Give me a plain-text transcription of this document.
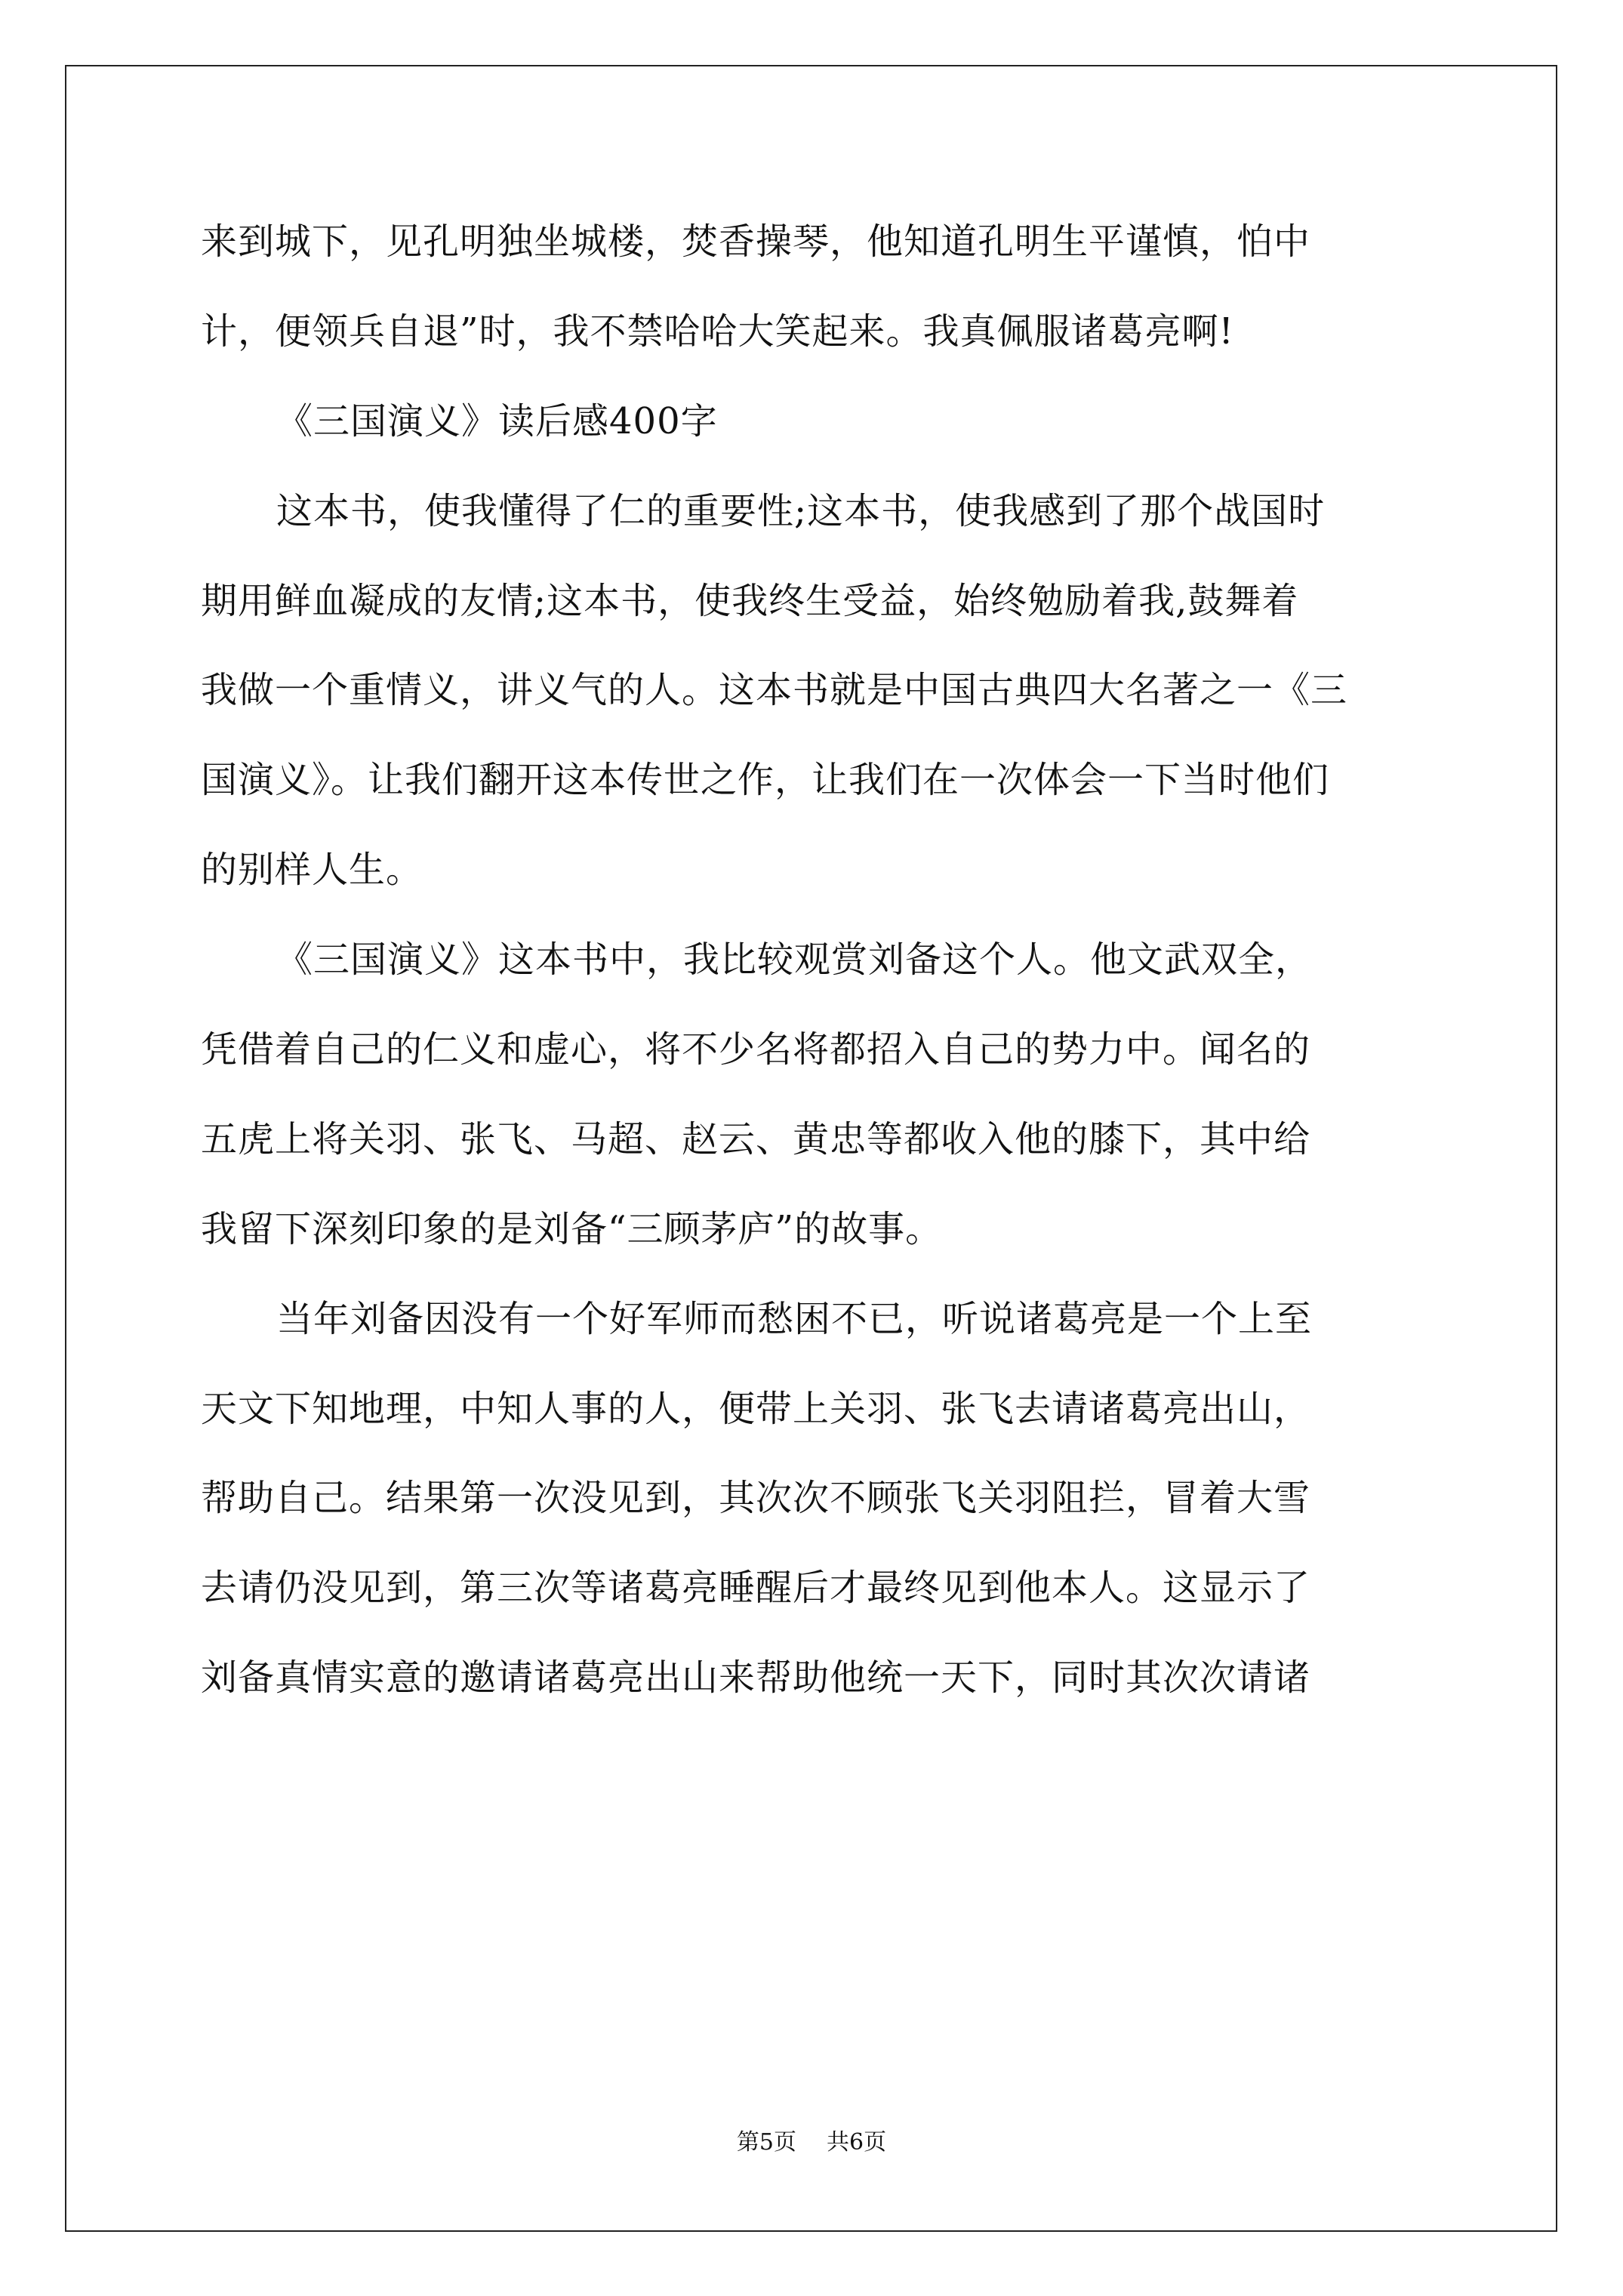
来到城下，见孔明独坐城楼，焚香操琴，他知道孔明生平谨慎，怕中

计，便领兵自退”时，我不禁哈哈大笑起来。我真佩服诸葛亮啊!

《三国演义》读后感400字

这本书，使我懂得了仁的重要性;这本书，使我感到了那个战国时

期用鲜血凝成的友情;这本书，使我终生受益，始终勉励着我,鼓舞着

我做一个重情义，讲义气的人。这本书就是中国古典四大名著之一《三

国演义》。让我们翻开这本传世之作，让我们在一次体会一下当时他们

的别样人生。

《三国演义》这本书中，我比较观赏刘备这个人。他文武双全，

凭借着自己的仁义和虚心，将不少名将都招入自己的势力中。闻名的

五虎上将关羽、张飞、马超、赵云、黄忠等都收入他的膝下，其中给

我留下深刻印象的是刘备“三顾茅庐”的故事。

当年刘备因没有一个好军师而愁困不已，听说诸葛亮是一个上至

天文下知地理，中知人事的人，便带上关羽、张飞去请诸葛亮出山，

帮助自己。结果第一次没见到，其次次不顾张飞关羽阻拦，冒着大雪

去请仍没见到，第三次等诸葛亮睡醒后才最终见到他本人。这显示了

刘备真情实意的邀请诸葛亮出山来帮助他统一天下，同时其次次请诸

第5页 共6页
